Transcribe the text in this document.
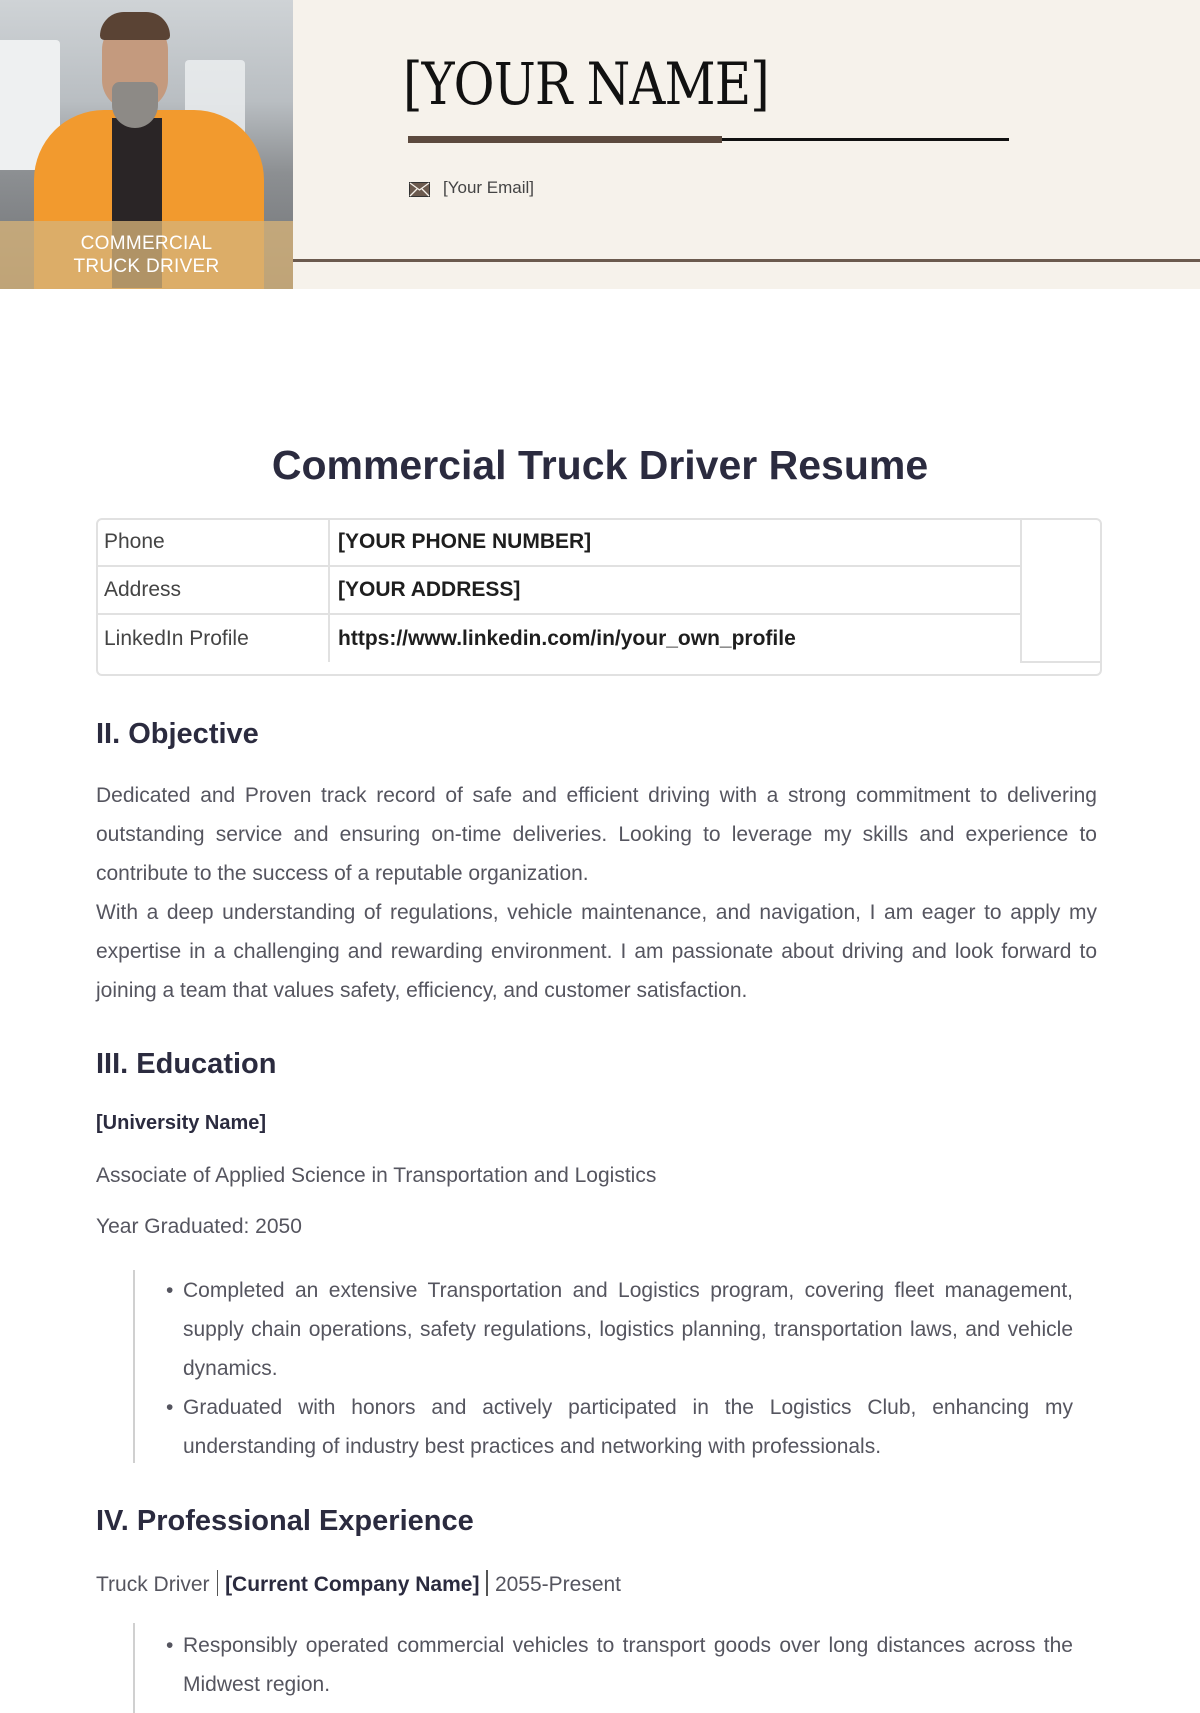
COMMERCIAL
TRUCK DRIVER
[YOUR NAME]
[Your Email]
Commercial Truck Driver Resume
Phone	[YOUR PHONE NUMBER]	
Address	[YOUR ADDRESS]	
LinkedIn Profile	https://www.linkedin.com/in/your_own_profile	
II. Objective

Dedicated and Proven track record of safe and efficient driving with a strong commitment to delivering outstanding service and ensuring on-time deliveries. Looking to leverage my skills and experience to contribute to the success of a reputable organization.

With a deep understanding of regulations, vehicle maintenance, and navigation, I am eager to apply my expertise in a challenging and rewarding environment. I am passionate about driving and look forward to joining a team that values safety, efficiency, and customer satisfaction.

III. Education
[University Name]
Associate of Applied Science in Transportation and Logistics
Year Graduated: 2050
• Completed an extensive Transportation and Logistics program, covering fleet management, supply chain operations, safety regulations, logistics planning, transportation laws, and vehicle dynamics.
• Graduated with honors and actively participated in the Logistics Club, enhancing my understanding of industry best practices and networking with professionals.
IV. Professional Experience
Truck Driver [Current Company Name] 2055-Present
• Responsibly operated commercial vehicles to transport goods over long distances across the Midwest region.
